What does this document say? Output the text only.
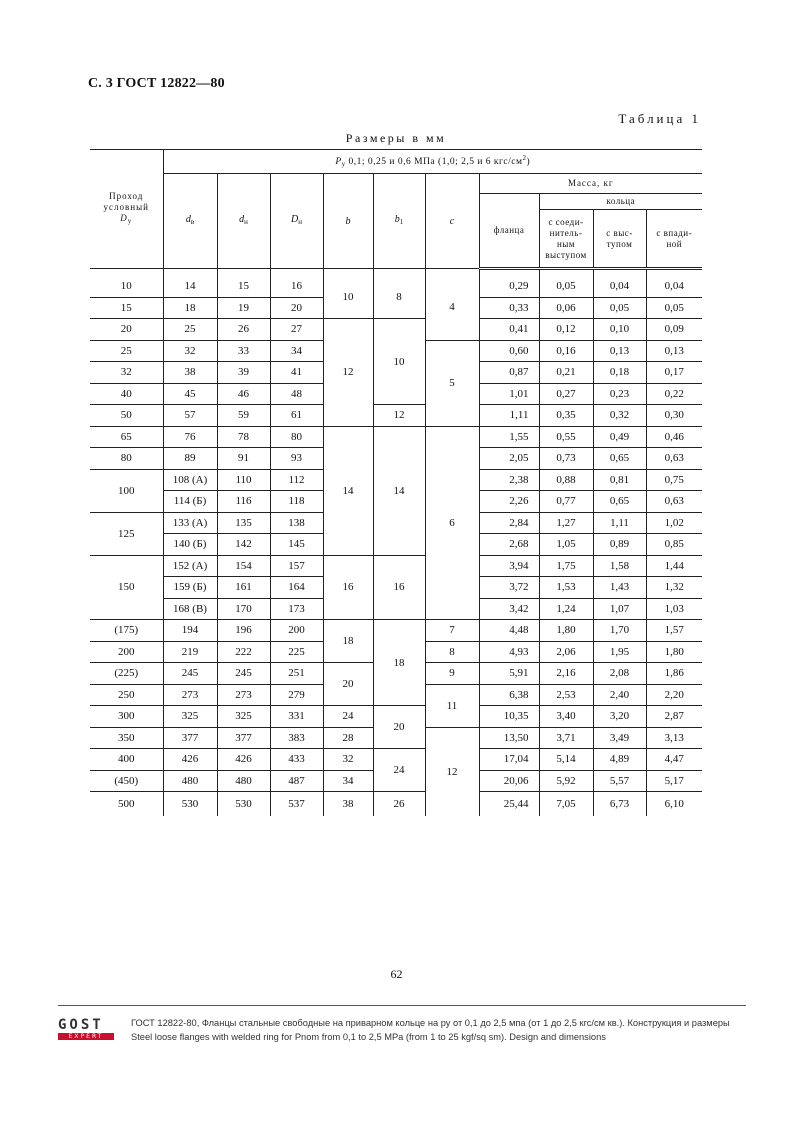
С. 3 ГОСТ 12822—80
Таблица 1
Размеры в мм
Проход
условный
$D_у$	$P_у$ 0,1; 0,25 и 0,6 МПа (1,0; 2,5 и 6 кгс/$см^2$)									
	$d_в$	$d_н$	$D_н$	b	$b_1$	c	Масса, кг			
							фланца	кольца		
								с соеди-нитель-ным выступом	с выс-тупом	с впади-ной
10	14	15	16	10	8	4	0,29	0,05	0,04	0,04
15	18	19	20				0,33	0,06	0,05	0,05
20	25	26	27	12	10		0,41	0,12	0,10	0,09
25	32	33	34			5	0,60	0,16	0,13	0,13
32	38	39	41				0,87	0,21	0,18	0,17
40	45	46	48				1,01	0,27	0,23	0,22
50	57	59	61		12		1,11	0,35	0,32	0,30
65	76	78	80	14	14	6	1,55	0,55	0,49	0,46
80	89	91	93				2,05	0,73	0,65	0,63
100	108 (А)	110	112				2,38	0,88	0,81	0,75
	114 (Б)	116	118				2,26	0,77	0,65	0,63
125	133 (А)	135	138				2,84	1,27	1,11	1,02
	140 (Б)	142	145				2,68	1,05	0,89	0,85
150	152 (А)	154	157	16	16		3,94	1,75	1,58	1,44
	159 (Б)	161	164				3,72	1,53	1,43	1,32
	168 (В)	170	173				3,42	1,24	1,07	1,03
(175)	194	196	200	18	18	7	4,48	1,80	1,70	1,57
200	219	222	225			8	4,93	2,06	1,95	1,80
(225)	245	245	251	20		9	5,91	2,16	2,08	1,86
250	273	273	279			11	6,38	2,53	2,40	2,20
300	325	325	331	24	20		10,35	3,40	3,20	2,87
350	377	377	383	28		12	13,50	3,71	3,49	3,13
400	426	426	433	32	24		17,04	5,14	4,89	4,47
(450)	480	480	487	34			20,06	5,92	5,57	5,17
500	530	530	537	38	26		25,44	7,05	6,73	6,10
62
GOST
EXPERT
ГОСТ 12822-80, Фланцы стальные свободные на приварном кольце на ру от 0,1 до 2,5 мпа (от 1 до 2,5 кгс/см кв.). Конструкция и размеры
Steel loose flanges with welded ring for Pnom from 0,1 to 2,5 MPa (from 1 to 25 kgf/sq sm). Design and dimensions
